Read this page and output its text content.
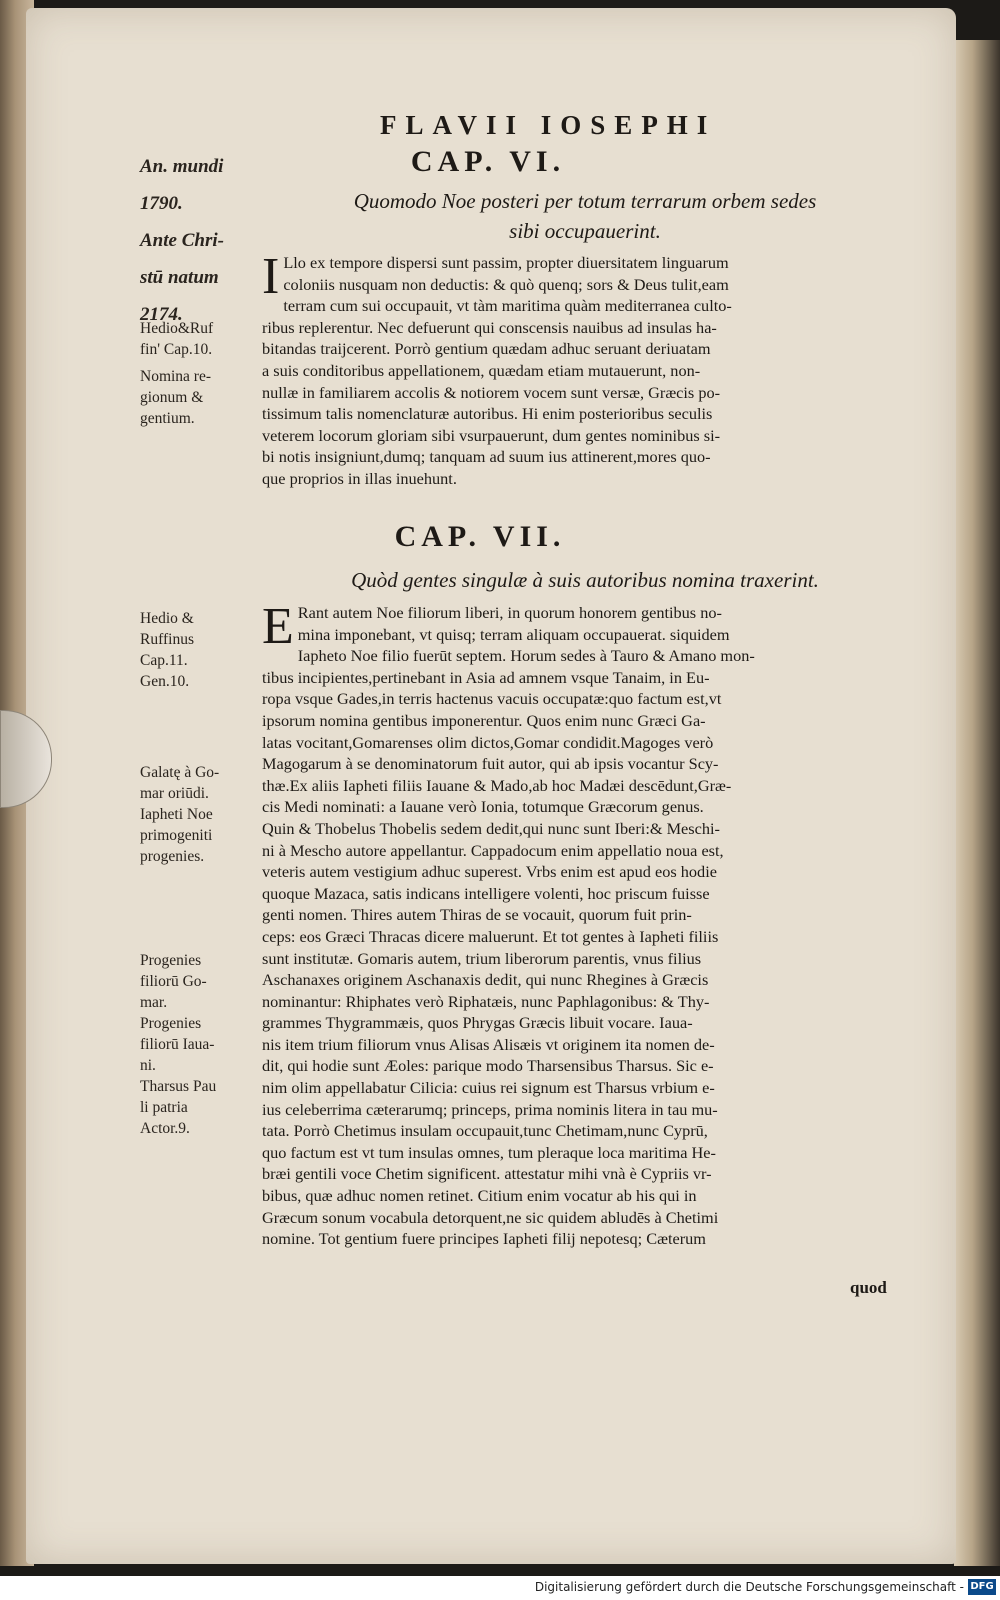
FLAVII IOSEPHI
CAP. VI.
Quomodo Noe posteri per totum terrarum orbem sedes
sibi occupauerint.
An. mundi
1790.
Ante Chri-
stū natum
2174.
Hedio&Ruf
fin' Cap.10.
Nomina re-
gionum &
gentium.
I Llo ex tempore dispersi sunt passim, propter diuersitatem linguarum
coloniis nusquam non deductis: & quò quenq; sors & Deus tulit,eam
terram cum sui occupauit, vt tàm maritima quàm mediterranea culto-
ribus replerentur. Nec defuerunt qui conscensis nauibus ad insulas ha-
bitandas traijcerent. Porrò gentium quædam adhuc seruant deriuatam
a suis conditoribus appellationem, quædam etiam mutauerunt, non-
nullæ in familiarem accolis & notiorem vocem sunt versæ, Græcis po-
tissimum talis nomenclaturæ autoribus. Hi enim posterioribus seculis
veterem locorum gloriam sibi vsurpauerunt, dum gentes nominibus si-
bi notis insigniunt,dumq; tanquam ad suum ius attinerent,mores quo-
que proprios in illas inuehunt.
CAP. VII.
Quòd gentes singulæ à suis autoribus nomina traxerint.
Hedio &
Ruffinus
Cap.11.
Gen.10.
Galatę à Go-
mar oriūdi.
Iapheti Noe
primogeniti
progenies.
Progenies
filiorū Go-
mar.
Progenies
filiorū Iaua-
ni.
Tharsus Pau
li patria
Actor.9.
E Rant autem Noe filiorum liberi, in quorum honorem gentibus no-
mina imponebant, vt quisq; terram aliquam occupauerat. siquidem
Iapheto Noe filio fuerūt septem. Horum sedes à Tauro & Amano mon-
tibus incipientes,pertinebant in Asia ad amnem vsque Tanaim, in Eu-
ropa vsque Gades,in terris hactenus vacuis occupatæ:quo factum est,vt
ipsorum nomina gentibus imponerentur. Quos enim nunc Græci Ga-
latas vocitant,Gomarenses olim dictos,Gomar condidit.Magoges verò
Magogarum à se denominatorum fuit autor, qui ab ipsis vocantur Scy-
thæ.Ex aliis Iapheti filiis Iauane & Mado,ab hoc Madæi descēdunt,Græ-
cis Medi nominati: a Iauane verò Ionia, totumque Græcorum genus.
Quin & Thobelus Thobelis sedem dedit,qui nunc sunt Iberi:& Meschi-
ni à Mescho autore appellantur. Cappadocum enim appellatio noua est,
veteris autem vestigium adhuc superest. Vrbs enim est apud eos hodie
quoque Mazaca, satis indicans intelligere volenti, hoc priscum fuisse
genti nomen. Thires autem Thiras de se vocauit, quorum fuit prin-
ceps: eos Græci Thracas dicere maluerunt. Et tot gentes à Iapheti filiis
sunt institutæ. Gomaris autem, trium liberorum parentis, vnus filius
Aschanaxes originem Aschanaxis dedit, qui nunc Rhegines à Græcis
nominantur: Rhiphates verò Riphatæis, nunc Paphlagonibus: & Thy-
grammes Thygrammæis, quos Phrygas Græcis libuit vocare. Iaua-
nis item trium filiorum vnus Alisas Alisæis vt originem ita nomen de-
dit, qui hodie sunt Æoles: parique modo Tharsensibus Tharsus. Sic e-
nim olim appellabatur Cilicia: cuius rei signum est Tharsus vrbium e-
ius celeberrima cæterarumq; princeps, prima nominis litera in tau mu-
tata. Porrò Chetimus insulam occupauit,tunc Chetimam,nunc Cyprū,
quo factum est vt tum insulas omnes, tum pleraque loca maritima He-
bræi gentili voce Chetim significent. attestatur mihi vnà è Cypriis vr-
bibus, quæ adhuc nomen retinet. Citium enim vocatur ab his qui in
Græcum sonum vocabula detorquent,ne sic quidem abludēs à Chetimi
nomine. Tot gentium fuere principes Iapheti filij nepotesq; Cæterum
quod
Digitalisierung gefördert durch die Deutsche Forschungsgemeinschaft - DFG
